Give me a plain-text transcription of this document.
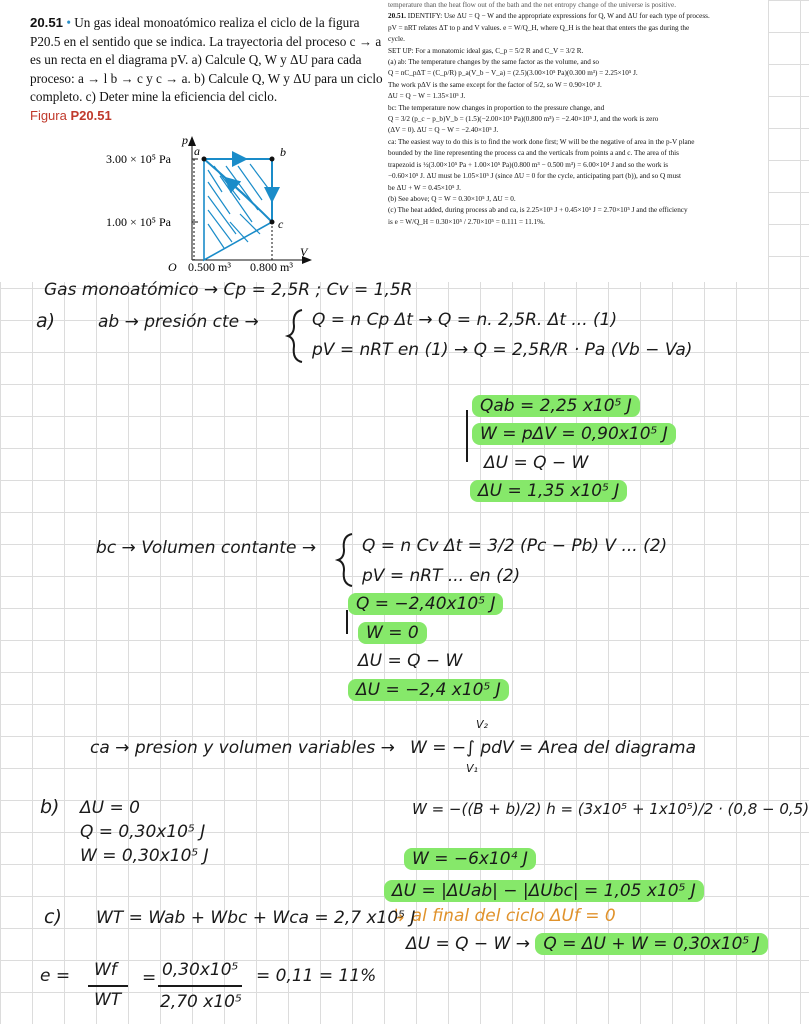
20.51 • Un gas ideal monoatómico realiza el ciclo de la figura P20.5 en el sentido que se indica. La trayectoria del proceso c → a es un recta en el diagrama pV. a) Calcule Q, W y ΔU para cada proceso: a → l b → c y c → a. b) Calcule Q, W y ΔU para un ciclo completo. c) Deter mine la eficiencia del ciclo.
Figura P20.51
p
V
O
3.00 × 10⁵ Pa
1.00 × 10⁵ Pa
0.500 m³ 0.800 m³
a	b
c
temperature than the heat flow out of the bath and the net entropy change of the universe is positive.
20.51. IDENTIFY: Use ΔU = Q − W and the appropriate expressions for Q, W and ΔU for each type of process.
pV = nRT relates ΔT to p and V values. e = W/Q_H, where Q_H is the heat that enters the gas during the
cycle.
SET UP: For a monatomic ideal gas, C_p = 5/2 R and C_V = 3/2 R.
(a) ab: The temperature changes by the same factor as the volume, and so
Q = nC_pΔT = (C_p/R) p_a(V_b − V_a) = (2.5)(3.00×10⁵ Pa)(0.300 m³) = 2.25×10⁵ J.
The work pΔV is the same except for the factor of 5/2, so W = 0.90×10⁵ J.
ΔU = Q − W = 1.35×10⁵ J.
bc: The temperature now changes in proportion to the pressure change, and
Q = 3/2 (p_c − p_b)V_b = (1.5)(−2.00×10⁵ Pa)(0.800 m³) = −2.40×10⁵ J, and the work is zero
(ΔV = 0). ΔU = Q − W = −2.40×10⁵ J.
ca: The easiest way to do this is to find the work done first; W will be the negative of area in the p-V plane
bounded by the line representing the process ca and the verticals from points a and c. The area of this
trapezoid is ½(3.00×10⁵ Pa + 1.00×10⁵ Pa)(0.800 m³ − 0.500 m³) = 6.00×10⁴ J and so the work is
−0.60×10⁵ J. ΔU must be 1.05×10⁵ J (since ΔU = 0 for the cycle, anticipating part (b)), and so Q must
be ΔU + W = 0.45×10⁵ J.
(b) See above; Q = W = 0.30×10⁵ J, ΔU = 0.
(c) The heat added, during process ab and ca, is 2.25×10⁵ J + 0.45×10⁵ J = 2.70×10⁵ J and the efficiency
is e = W/Q_H = 0.30×10⁵ / 2.70×10⁵ = 0.111 = 11.1%.
Gas monoatómico → Cp = 2,5R ; Cv = 1,5R
a)	ab → presión cte →	Q = n Cp Δt → Q = n. 2,5R. Δt ... (1)
pV = nRT en (1) → Q = 2,5R/R · Pa (Vb − Va)
Qab = 2,25 x10⁵ J
W = pΔV = 0,90x10⁵ J
ΔU = Q − W
ΔU = 1,35 x10⁵ J
bc → Volumen contante →	Q = n Cv Δt = 3/2 (Pc − Pb) V ... (2)
pV = nRT ... en (2)
Q = −2,40x10⁵ J
W = 0
ΔU = Q − W
ΔU = −2,4 x10⁵ J
ca → presion y volumen variables → W = −∫ pdV = Area del diagrama
V₂
V₁
b) ΔU = 0
Q = 0,30x10⁵ J
W = 0,30x10⁵ J
W = −((B + b)/2) h = (3x10⁵ + 1x10⁵)/2 · (0,8 − 0,5)
W = −6x10⁴ J
ΔU = |ΔUab| − |ΔUbc| = 1,05 x10⁵ J
↳ al final del ciclo ΔUf = 0
ΔU = Q − W → Q = ΔU + W = 0,30x10⁵ J
c) WT = Wab + Wbc + Wca = 2,7 x10⁵ J
e = Wf
WT
= 0,30x10⁵
2,70 x10⁵
= 0,11 = 11%
